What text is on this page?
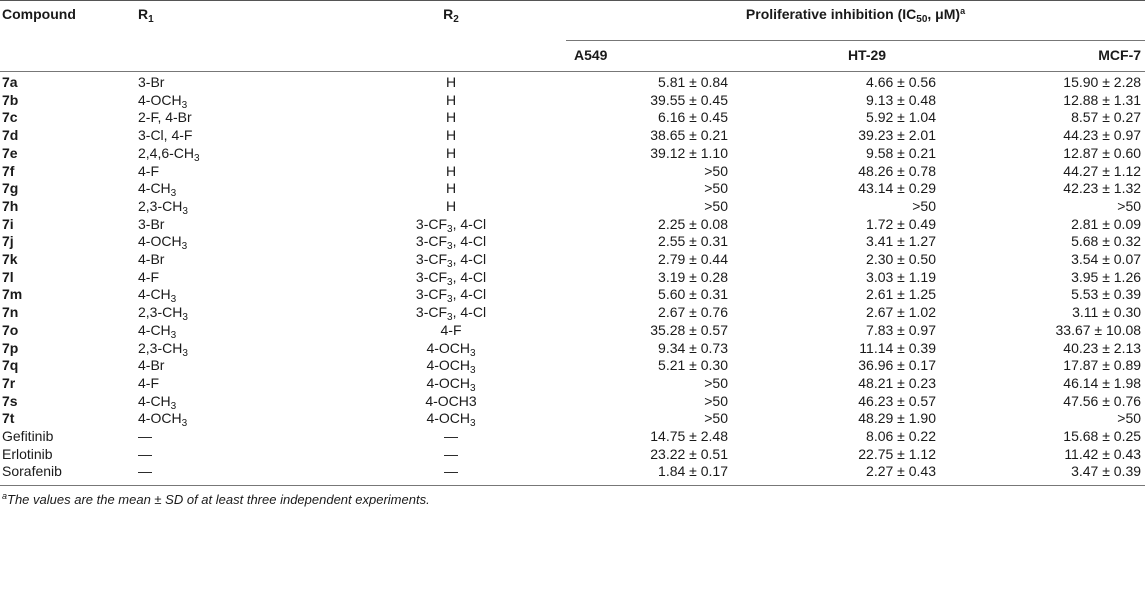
Compound	$R_1$	$R_2$	Proliferative inhibition ($IC_{50}$, μM)$^a$
			A549	HT-29	MCF-7
7a	3-Br	H	5.81 ± 0.84	4.66 ± 0.56	15.90 ± 2.28
7b	$4-OCH_3$	H	39.55 ± 0.45	9.13 ± 0.48	12.88 ± 1.31
7c	2-F, 4-Br	H	6.16 ± 0.45	5.92 ± 1.04	8.57 ± 0.27
7d	3-Cl, 4-F	H	38.65 ± 0.21	39.23 ± 2.01	44.23 ± 0.97
7e	$2,4,6-CH_3$	H	39.12 ± 1.10	9.58 ± 0.21	12.87 ± 0.60
7f	4-F	H	>50	48.26 ± 0.78	44.27 ± 1.12
7g	$4-CH_3$	H	>50	43.14 ± 0.29	42.23 ± 1.32
7h	$2,3-CH_3$	H	>50	>50	>50
7i	3-Br	$3-CF_3$, 4-Cl	2.25 ± 0.08	1.72 ± 0.49	2.81 ± 0.09
7j	$4-OCH_3$	$3-CF_3$, 4-Cl	2.55 ± 0.31	3.41 ± 1.27	5.68 ± 0.32
7k	4-Br	$3-CF_3$, 4-Cl	2.79 ± 0.44	2.30 ± 0.50	3.54 ± 0.07
7l	4-F	$3-CF_3$, 4-Cl	3.19 ± 0.28	3.03 ± 1.19	3.95 ± 1.26
7m	$4-CH_3$	$3-CF_3$, 4-Cl	5.60 ± 0.31	2.61 ± 1.25	5.53 ± 0.39
7n	$2,3-CH_3$	$3-CF_3$, 4-Cl	2.67 ± 0.76	2.67 ± 1.02	3.11 ± 0.30
7o	$4-CH_3$	4-F	35.28 ± 0.57	7.83 ± 0.97	33.67 ± 10.08
7p	$2,3-CH_3$	$4-OCH_3$	9.34 ± 0.73	11.14 ± 0.39	40.23 ± 2.13
7q	4-Br	$4-OCH_3$	5.21 ± 0.30	36.96 ± 0.17	17.87 ± 0.89
7r	4-F	$4-OCH_3$	>50	48.21 ± 0.23	46.14 ± 1.98
7s	$4-CH_3$	4-OCH3	>50	46.23 ± 0.57	47.56 ± 0.76
7t	$4-OCH_3$	$4-OCH_3$	>50	48.29 ± 1.90	>50
Gefitinib	—	—	14.75 ± 2.48	8.06 ± 0.22	15.68 ± 0.25
Erlotinib	—	—	23.22 ± 0.51	22.75 ± 1.12	11.42 ± 0.43
Sorafenib	—	—	1.84 ± 0.17	2.27 ± 0.43	3.47 ± 0.39
$^a$The values are the mean ± SD of at least three independent experiments.
